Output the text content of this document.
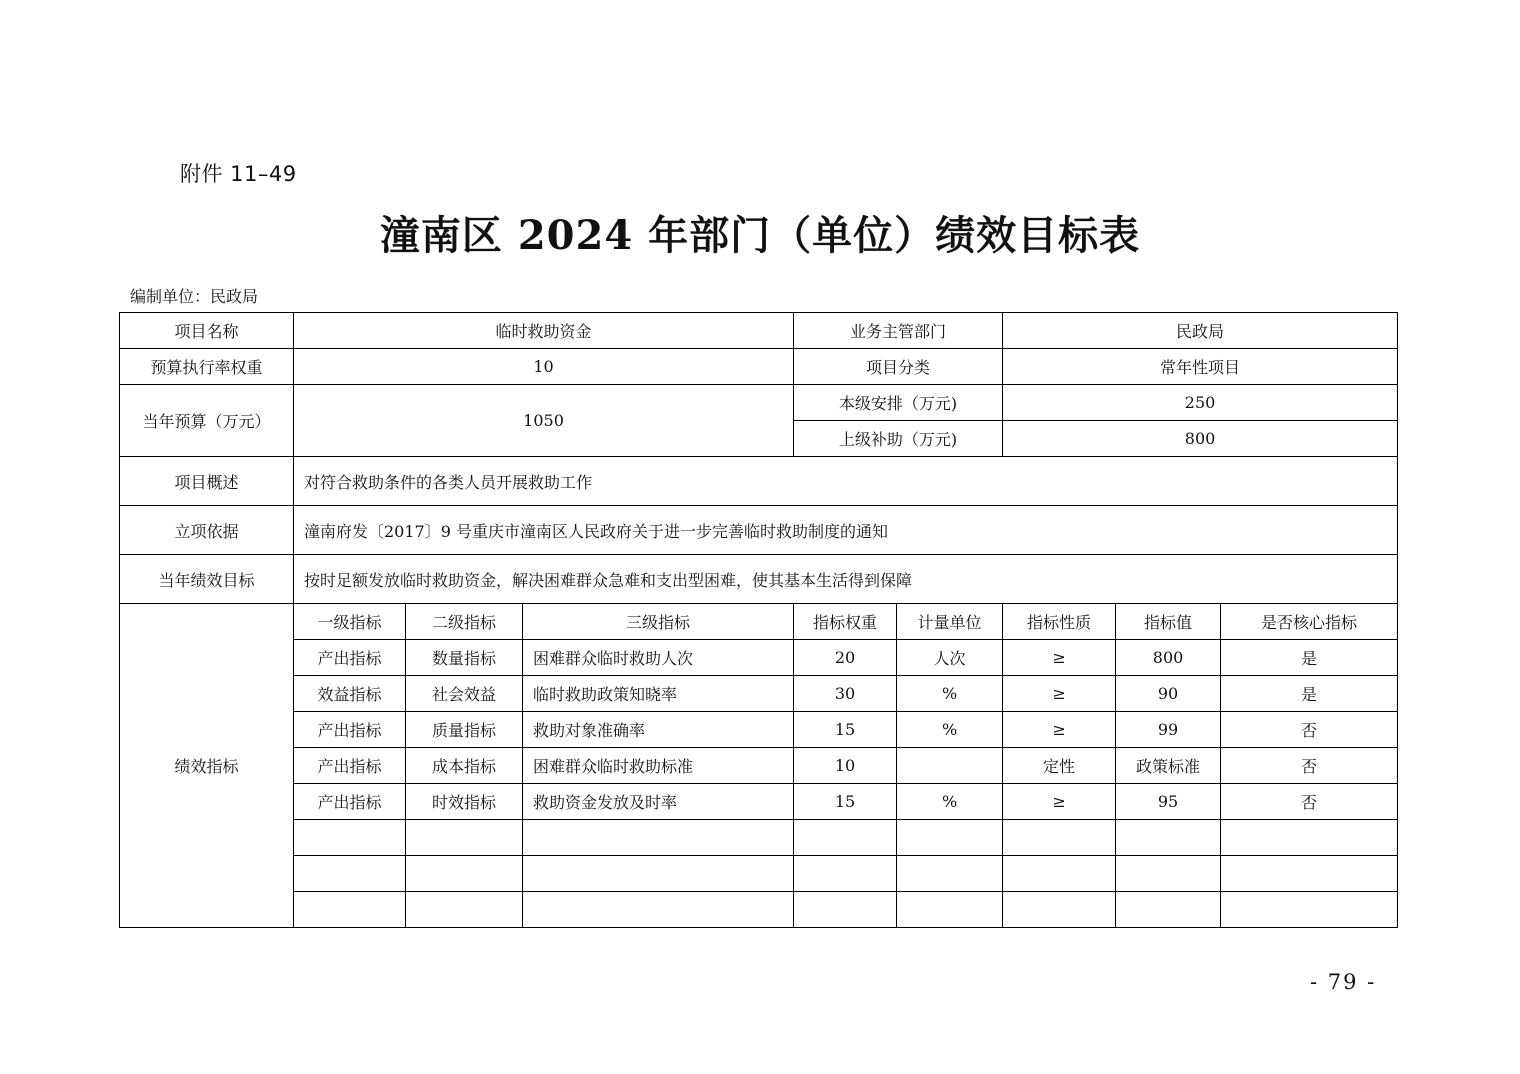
附件 11–49
潼南区 2024 年部门（单位）绩效目标表
编制单位：民政局
项目名称	临时救助资金			业务主管部门		民政局		
预算执行率权重	10			项目分类		常年性项目		
当年预算（万元）	1050			本级安排（万元)		250		
				上级补助（万元)		800		
项目概述	对符合救助条件的各类人员开展救助工作							
立项依据	潼南府发〔2017〕9 号重庆市潼南区人民政府关于进一步完善临时救助制度的通知							
当年绩效目标	按时足额发放临时救助资金，解决困难群众急难和支出型困难，使其基本生活得到保障							
绩效指标	一级指标	二级指标	三级指标	指标权重	计量单位	指标性质	指标值	是否核心指标
	产出指标	数量指标	困难群众临时救助人次	20	人次	≥	800	是
	效益指标	社会效益	临时救助政策知晓率	30	%	≥	90	是
	产出指标	质量指标	救助对象准确率	15	%	≥	99	否
	产出指标	成本指标	困难群众临时救助标准	10		定性	政策标准	否
	产出指标	时效指标	救助资金发放及时率	15	%	≥	95	否

- 79 -
